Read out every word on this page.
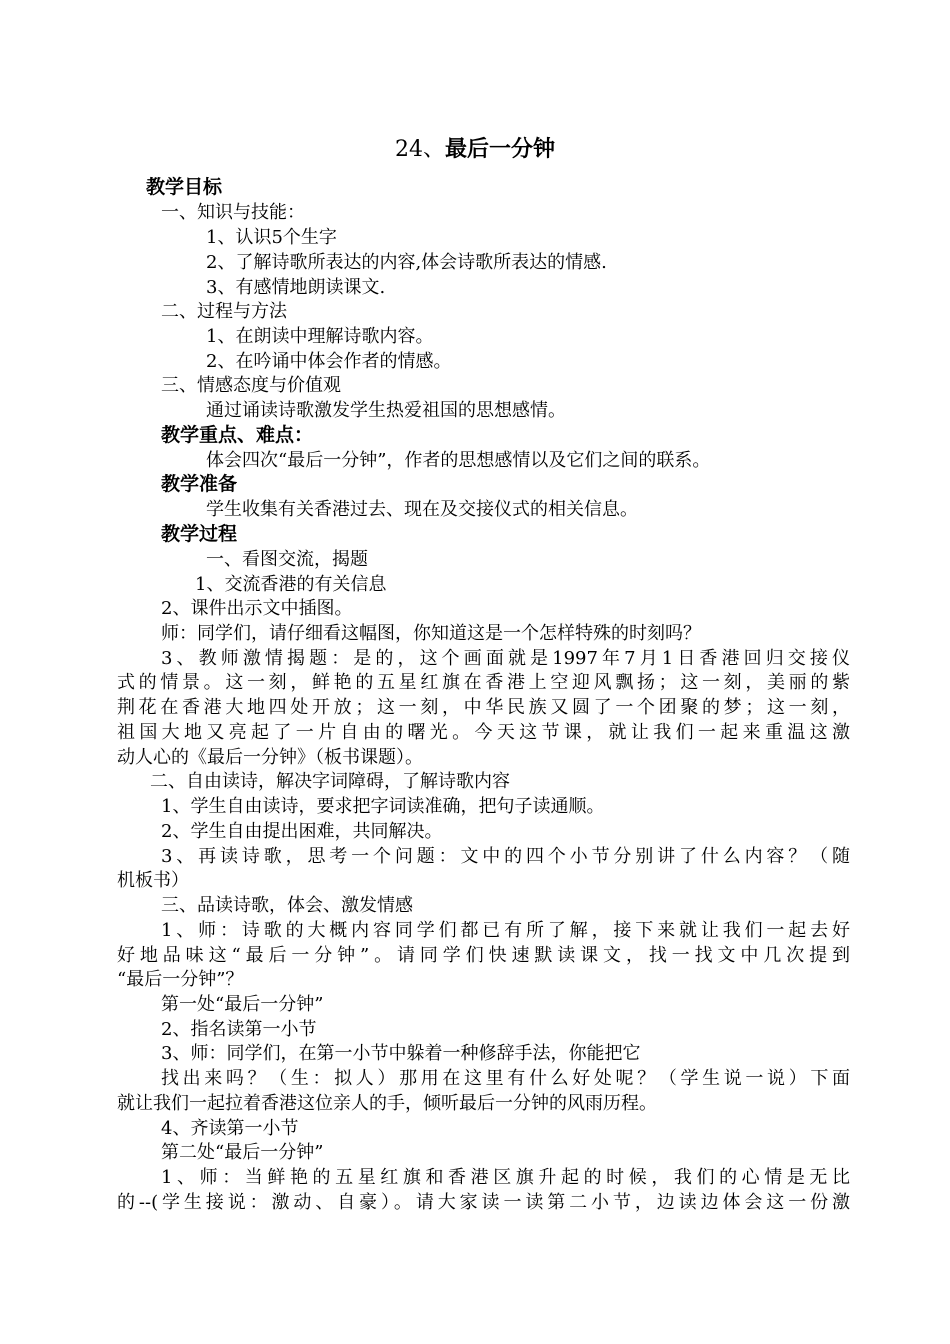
24、最后一分钟
教学目标
一、知识与技能：
1、认识5个生字
2、了解诗歌所表达的内容,体会诗歌所表达的情感.
3、有感情地朗读课文.
二、过程与方法
1、在朗读中理解诗歌内容。
2、在吟诵中体会作者的情感。
三、情感态度与价值观
通过诵读诗歌激发学生热爱祖国的思想感情。
教学重点、难点：
体会四次“最后一分钟”，作者的思想感情以及它们之间的联系。
教学准备
学生收集有关香港过去、现在及交接仪式的相关信息。
教学过程
一、看图交流，揭题
1、交流香港的有关信息
2、课件出示文中插图。
师：同学们，请仔细看这幅图，你知道这是一个怎样特殊的时刻吗？
3、教师激情揭题：是的，这个画面就是1997年7月1日香港回归交接仪
式的情景。这一刻，鲜艳的五星红旗在香港上空迎风飘扬；这一刻，美丽的紫
荆花在香港大地四处开放；这一刻，中华民族又圆了一个团聚的梦；这一刻，
祖国大地又亮起了一片自由的曙光。今天这节课，就让我们一起来重温这激
动人心的《最后一分钟》（板书课题）。
二、自由读诗，解决字词障碍，了解诗歌内容
1、学生自由读诗，要求把字词读准确，把句子读通顺。
2、学生自由提出困难，共同解决。
3、再读诗歌，思考一个问题：文中的四个小节分别讲了什么内容？（随
机板书）
三、品读诗歌，体会、激发情感
1、师：诗歌的大概内容同学们都已有所了解，接下来就让我们一起去好
好地品味这“最后一分钟”。请同学们快速默读课文，找一找文中几次提到
“最后一分钟”？
第一处“最后一分钟”
2、指名读第一小节
3、师：同学们，在第一小节中躲着一种修辞手法，你能把它
找出来吗？（生：拟人）那用在这里有什么好处呢？（学生说一说）下面
就让我们一起拉着香港这位亲人的手，倾听最后一分钟的风雨历程。
4、齐读第一小节
第二处“最后一分钟”
1、师：当鲜艳的五星红旗和香港区旗升起的时候，我们的心情是无比
的--(学生接说：激动、自豪）。请大家读一读第二小节，边读边体会这一份激
